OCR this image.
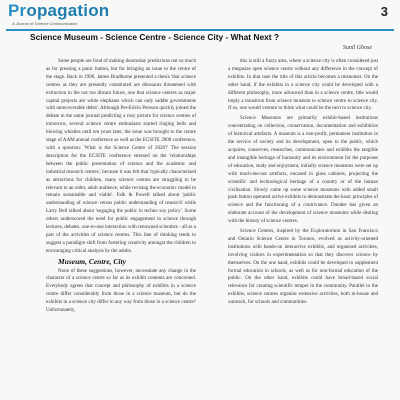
Propagation
A Journal of Science Communication
3
Science Museum - Science Centre - Science City - What Next ?
Sunil Ghose

Some people are fond of making doomsday predictions not so much as for pressing a panic button, but for bringing an issue to the centre of the stage. Back in 1998, James Bradburne presented a thesis 'that science centres as they are presently constituted are dinosaurs threatened with extinction in the not too distant future, one that science centres as major capital projects are white elephants which can only saddle governments with unrecoverable debts'. Although Per-Edvin Persson quickly joined the debate in the same journal predicting a rosy picture for science centres of tomorrow, several science centre enthusiasts started ringing bells and blowing whistles until ten years later, the issue was brought to the centre stage of AAM annual conference as well as the ECSITE 2008 conference, with a question: 'What is the Science Centre of 2020?' The session description for the ECSITE conference stressed on the 'relationships between the public presentation of science and the academic and industrial research centres', because it was felt that 'typically characterised as attractions for children, many science centres are struggling to be relevant to an older, adult audience, while revising the economic model to remain sustainable and viable'. Falk & Powell talked about 'public understanding of science versus public understanding of research' while Larry Bell talked about 'engaging the public in techno soy policy'. Some others underscored the need for public engagement in science through lectures, debates, one-to-one interaction with renowned scientists - all as a part of the activities of science centres. This line of thinking tends to suggest a paradigm shift from fostering creativity amongst the children to encouraging critical analysis by the adults.

Museum, Centre, City

None of these suggestions, however, necessitate any change in the character of a science centre so far as its exhibit contents are concerned. Everybody agrees that concept and philosophy of exhibits in a science centre differ considerably from those in a science museum, but do the exhibits in a science city differ in any way from those in a science centre? Unfortunately,

this is still a fuzzy area, where a science city is often considered just a megasize open science centre without any difference in the concept of exhibits. In that case the title of this article becomes a misnomer. On the other hand, if the exhibits in a science city could be developed with a different philosophy, more advanced than in a science centre, title would imply a transition from science museum to science centre to science city. If so, one would venture to think what could be the next to science city.

Science Museums are primarily exhibit-based institutions concentrating on collection, conservation, documentation and exhibition of historical artefacts. A museum is a non-profit, permanent institution in the service of society and its development, open to the public, which acquires, conserves, researches, communicates and exhibits the tangible and intangible heritage of humanity and its environment for the purposes of education, study and enjoyment, initially science museums were set up with touch-me-not artefacts, encased in glass cabinets, projecting the scientific and technological heritage of a country or of the human civilisation. Slowly came up some science museums with added small push button operated active exhibits to demonstrate the basic principles of science and the functioning of a contrivance. Dundee has given an elaborate account of the development of science museums while dealing with the history of science centres.

Science Centres, inspired by the Exploratorium in San Francisco and Ontario Science Centre in Toronto, evolved as activity-oriented institutions with hands-on interactive exhibits, and organised activities, involving visitors in experimentation so that they discover science by themselves. On the one hand, exhibits could be developed to supplement formal education in schools, as well as for non-formal education of the public. On the other hand, exhibits could have broad-based social relevance for creating scientific temper in the community. Parallel to the exhibits, science centres organise extensive activities, both in-house and outreach, for schools and communities.
